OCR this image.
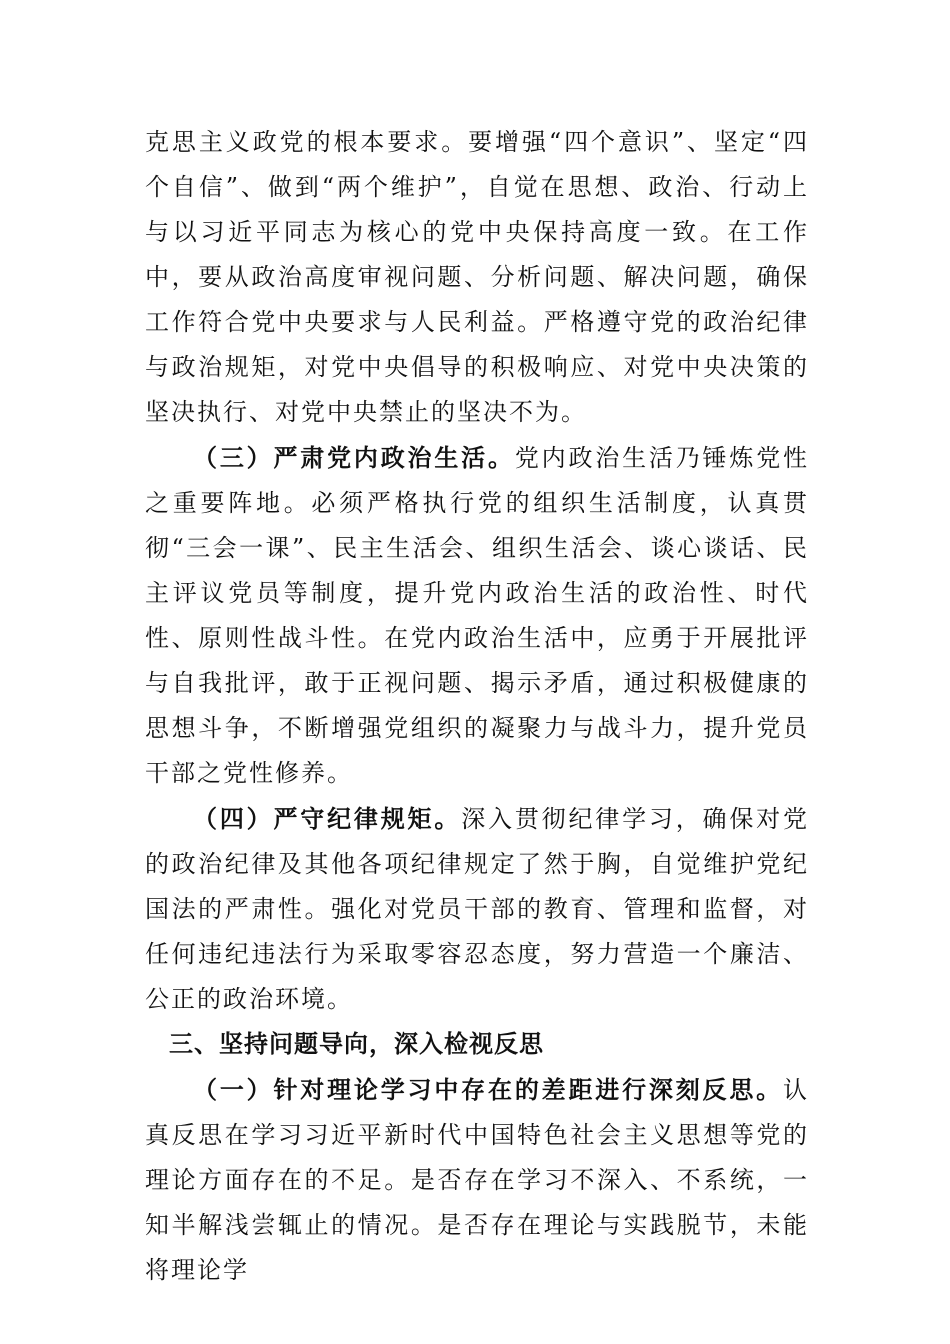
克思主义政党的根本要求。要增强“四个意识”、坚定“四个自信”、做到“两个维护”，自觉在思想、政治、行动上与以习近平同志为核心的党中央保持高度一致。在工作中，要从政治高度审视问题、分析问题、解决问题，确保工作符合党中央要求与人民利益。严格遵守党的政治纪律与政治规矩，对党中央倡导的积极响应、对党中央决策的坚决执行、对党中央禁止的坚决不为。

（三）严肃党内政治生活。党内政治生活乃锤炼党性之重要阵地。必须严格执行党的组织生活制度，认真贯彻“三会一课”、民主生活会、组织生活会、谈心谈话、民主评议党员等制度，提升党内政治生活的政治性、时代性、原则性战斗性。在党内政治生活中，应勇于开展批评与自我批评，敢于正视问题、揭示矛盾，通过积极健康的思想斗争，不断增强党组织的凝聚力与战斗力，提升党员干部之党性修养。

（四）严守纪律规矩。深入贯彻纪律学习，确保对党的政治纪律及其他各项纪律规定了然于胸，自觉维护党纪国法的严肃性。强化对党员干部的教育、管理和监督，对任何违纪违法行为采取零容忍态度，努力营造一个廉洁、公正的政治环境。

三、坚持问题导向，深入检视反思

（一）针对理论学习中存在的差距进行深刻反思。认真反思在学习习近平新时代中国特色社会主义思想等党的理论方面存在的不足。是否存在学习不深入、不系统，一知半解浅尝辄止的情况。是否存在理论与实践脱节，未能将理论学
